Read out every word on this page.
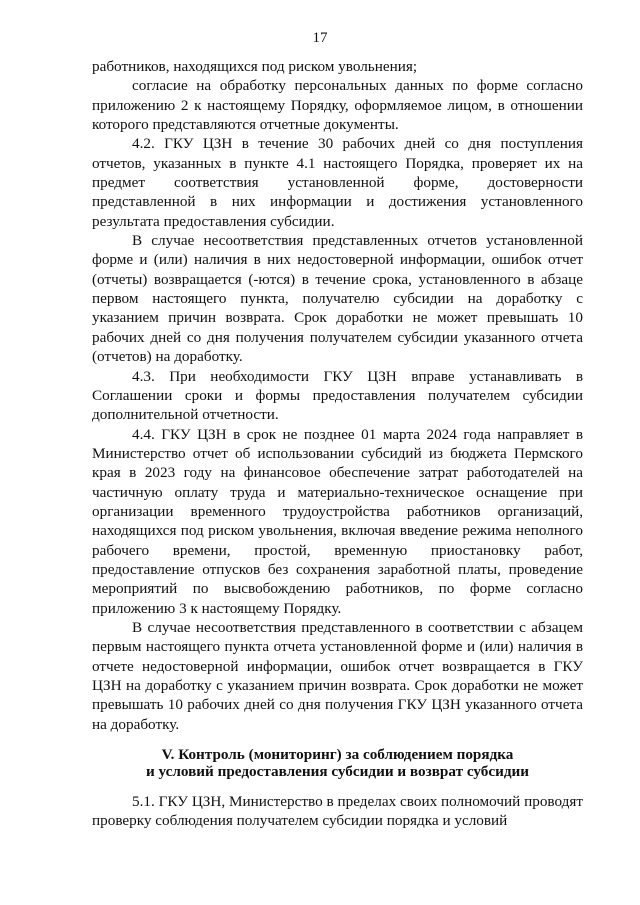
17

работников, находящихся под риском увольнения;

согласие на обработку персональных данных по форме согласно приложению 2 к настоящему Порядку, оформляемое лицом, в отношении которого представляются отчетные документы.

4.2. ГКУ ЦЗН в течение 30 рабочих дней со дня поступления отчетов, указанных в пункте 4.1 настоящего Порядка, проверяет их на предмет соответствия установленной форме, достоверности представленной в них информации и достижения установленного результата предоставления субсидии.

В случае несоответствия представленных отчетов установленной форме и (или) наличия в них недостоверной информации, ошибок отчет (отчеты) возвращается (-ются) в течение срока, установленного в абзаце первом настоящего пункта, получателю субсидии на доработку с указанием причин возврата. Срок доработки не может превышать 10 рабочих дней со дня получения получателем субсидии указанного отчета (отчетов) на доработку.

4.3. При необходимости ГКУ ЦЗН вправе устанавливать в Соглашении сроки и формы предоставления получателем субсидии дополнительной отчетности.

4.4. ГКУ ЦЗН в срок не позднее 01 марта 2024 года направляет в Министерство отчет об использовании субсидий из бюджета Пермского края в 2023 году на финансовое обеспечение затрат работодателей на частичную оплату труда и материально-техническое оснащение при организации временного трудоустройства работников организаций, находящихся под риском увольнения, включая введение режима неполного рабочего времени, простой, временную приостановку работ, предоставление отпусков без сохранения заработной платы, проведение мероприятий по высвобождению работников, по форме согласно приложению 3 к настоящему Порядку.

В случае несоответствия представленного в соответствии с абзацем первым настоящего пункта отчета установленной форме и (или) наличия в отчете недостоверной информации, ошибок отчет возвращается в ГКУ ЦЗН на доработку с указанием причин возврата. Срок доработки не может превышать 10 рабочих дней со дня получения ГКУ ЦЗН указанного отчета на доработку.

V. Контроль (мониторинг) за соблюдением порядка
и условий предоставления субсидии и возврат субсидии

5.1. ГКУ ЦЗН, Министерство в пределах своих полномочий проводят проверку соблюдения получателем субсидии порядка и условий
